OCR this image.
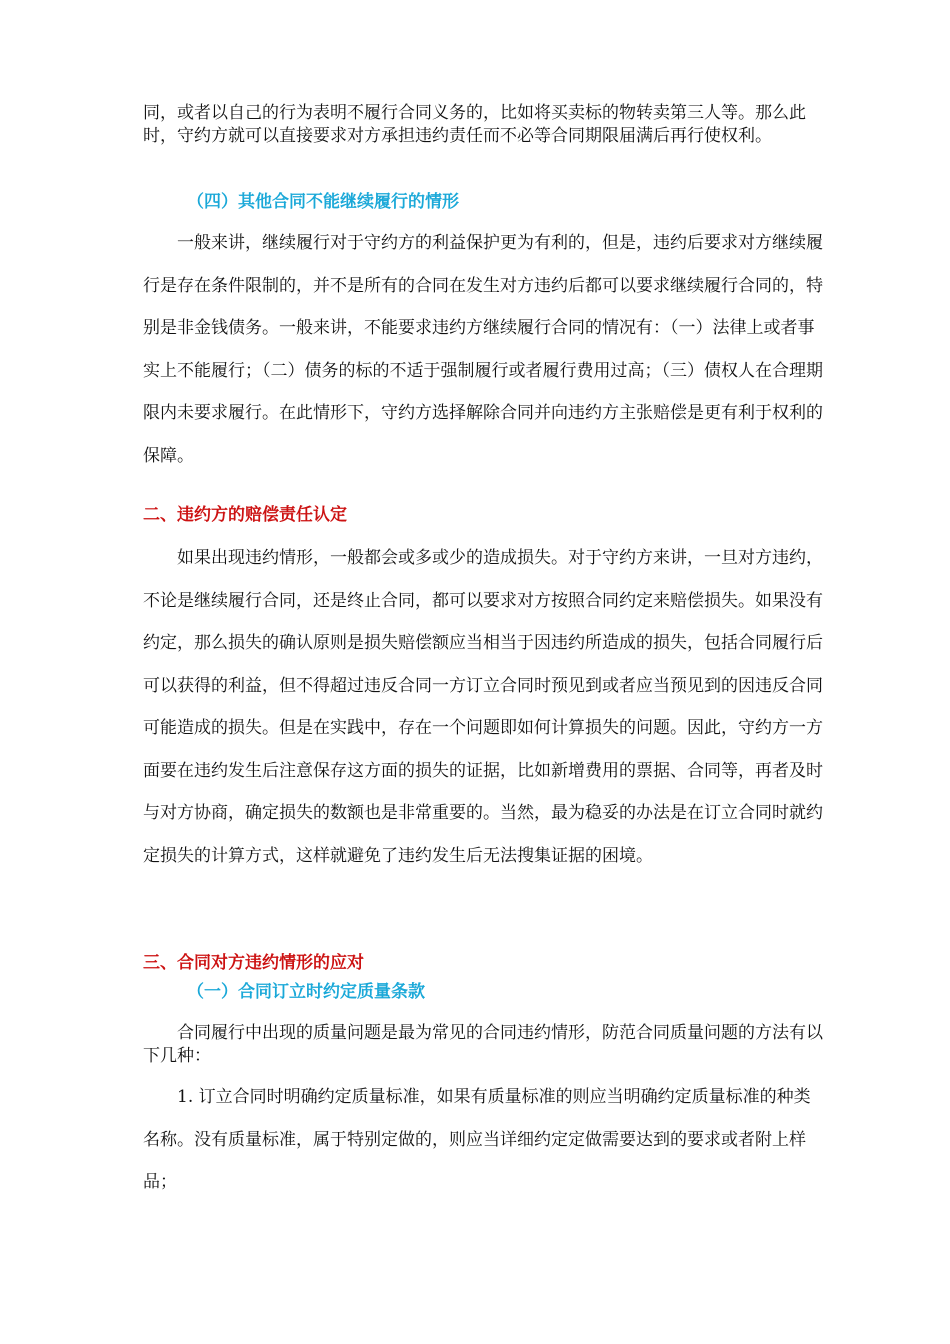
同，或者以自己的行为表明不履行合同义务的，比如将买卖标的物转卖第三人等。那么此时，守约方就可以直接要求对方承担违约责任而不必等合同期限届满后再行使权利。

（四）其他合同不能继续履行的情形

一般来讲，继续履行对于守约方的利益保护更为有利的，但是，违约后要求对方继续履行是存在条件限制的，并不是所有的合同在发生对方违约后都可以要求继续履行合同的，特别是非金钱债务。一般来讲，不能要求违约方继续履行合同的情况有：（一）法律上或者事实上不能履行；（二）债务的标的不适于强制履行或者履行费用过高；（三）债权人在合理期限内未要求履行。在此情形下，守约方选择解除合同并向违约方主张赔偿是更有利于权利的保障。

二、违约方的赔偿责任认定

如果出现违约情形，一般都会或多或少的造成损失。对于守约方来讲，一旦对方违约，不论是继续履行合同，还是终止合同，都可以要求对方按照合同约定来赔偿损失。如果没有约定，那么损失的确认原则是损失赔偿额应当相当于因违约所造成的损失，包括合同履行后可以获得的利益，但不得超过违反合同一方订立合同时预见到或者应当预见到的因违反合同可能造成的损失。但是在实践中，存在一个问题即如何计算损失的问题。因此，守约方一方面要在违约发生后注意保存这方面的损失的证据，比如新增费用的票据、合同等，再者及时与对方协商，确定损失的数额也是非常重要的。当然，最为稳妥的办法是在订立合同时就约定损失的计算方式，这样就避免了违约发生后无法搜集证据的困境。

三、合同对方违约情形的应对

（一）合同订立时约定质量条款

合同履行中出现的质量问题是最为常见的合同违约情形，防范合同质量问题的方法有以下几种：

1. 订立合同时明确约定质量标准，如果有质量标准的则应当明确约定质量标准的种类名称。没有质量标准，属于特别定做的，则应当详细约定定做需要达到的要求或者附上样品；
